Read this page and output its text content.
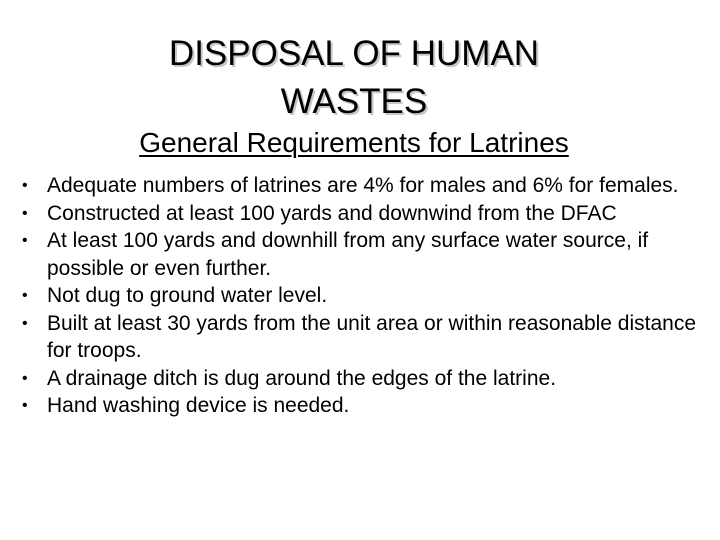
DISPOSAL OF HUMAN
WASTES
General Requirements for Latrines
• Adequate numbers of latrines are 4% for males and 6% for females.
• Constructed at least 100 yards and downwind from the DFAC
• At least 100 yards and downhill from any surface water source, if possible or even further.
• Not dug to ground water level.
• Built at least 30 yards from the unit area or within reasonable distance for troops.
• A drainage ditch is dug around the edges of the latrine.
• Hand washing device is needed.
